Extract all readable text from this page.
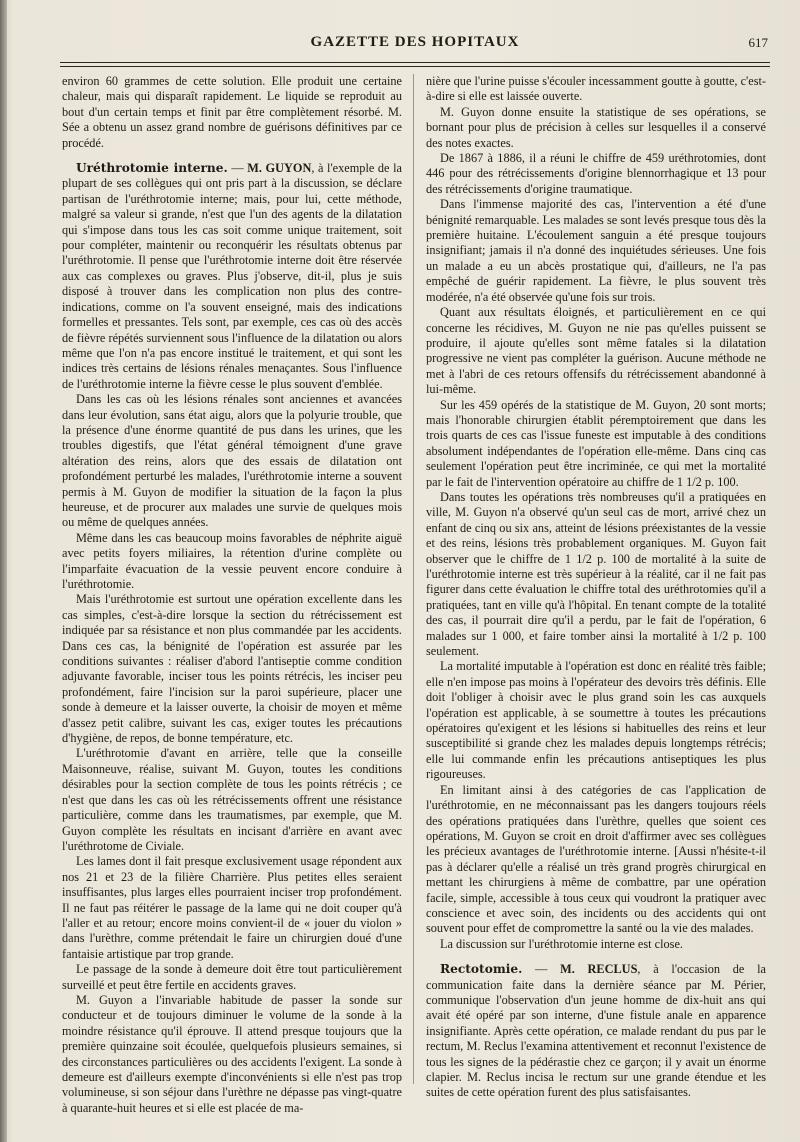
GAZETTE DES HOPITAUX	617

environ 60 grammes de cette solution. Elle produit une certaine chaleur, mais qui disparaît rapidement. Le liquide se reproduit au bout d'un certain temps et finit par être complètement résorbé. M. Sée a obtenu un assez grand nombre de guérisons définitives par ce procédé.

Uréthrotomie interne. — M. GUYON, à l'exemple de la plupart de ses collègues qui ont pris part à la discussion, se déclare partisan de l'uréthrotomie interne; mais, pour lui, cette méthode, malgré sa valeur si grande, n'est que l'un des agents de la dilatation qui s'impose dans tous les cas soit comme unique traitement, soit pour compléter, maintenir ou reconquérir les résultats obtenus par l'uréthrotomie. Il pense que l'uréthrotomie interne doit être réservée aux cas complexes ou graves. Plus j'observe, dit-il, plus je suis disposé à trouver dans les complication non plus des contre-indications, comme on l'a souvent enseigné, mais des indications formelles et pressantes. Tels sont, par exemple, ces cas où des accès de fièvre répétés surviennent sous l'influence de la dilatation ou alors même que l'on n'a pas encore institué le traitement, et qui sont les indices très certains de lésions rénales menaçantes. Sous l'influence de l'uréthrotomie interne la fièvre cesse le plus souvent d'emblée.

Dans les cas où les lésions rénales sont anciennes et avancées dans leur évolution, sans état aigu, alors que la polyurie trouble, que la présence d'une énorme quantité de pus dans les urines, que les troubles digestifs, que l'état général témoignent d'une grave altération des reins, alors que des essais de dilatation ont profondément perturbé les malades, l'uréthrotomie interne a souvent permis à M. Guyon de modifier la situation de la façon la plus heureuse, et de procurer aux malades une survie de quelques mois ou même de quelques années.

Même dans les cas beaucoup moins favorables de néphrite aiguë avec petits foyers miliaires, la rétention d'urine complète ou l'imparfaite évacuation de la vessie peuvent encore conduire à l'uréthrotomie.

Mais l'uréthrotomie est surtout une opération excellente dans les cas simples, c'est-à-dire lorsque la section du rétrécissement est indiquée par sa résistance et non plus commandée par les accidents. Dans ces cas, la bénignité de l'opération est assurée par les conditions suivantes : réaliser d'abord l'antiseptie comme condition adjuvante favorable, inciser tous les points rétrécis, les inciser peu profondément, faire l'incision sur la paroi supérieure, placer une sonde à demeure et la laisser ouverte, la choisir de moyen et même d'assez petit calibre, suivant les cas, exiger toutes les précautions d'hygiène, de repos, de bonne température, etc.

L'uréthrotomie d'avant en arrière, telle que la conseille Maisonneuve, réalise, suivant M. Guyon, toutes les conditions désirables pour la section complète de tous les points rétrécis ; ce n'est que dans les cas où les rétrécissements offrent une résistance particulière, comme dans les traumatismes, par exemple, que M. Guyon complète les résultats en incisant d'arrière en avant avec l'uréthrotome de Civiale.

Les lames dont il fait presque exclusivement usage répondent aux nos 21 et 23 de la filière Charrière. Plus petites elles seraient insuffisantes, plus larges elles pourraient inciser trop profondément. Il ne faut pas réitérer le passage de la lame qui ne doit couper qu'à l'aller et au retour; encore moins convient-il de « jouer du violon » dans l'urèthre, comme prétendait le faire un chirurgien doué d'une fantaisie artistique par trop grande.

Le passage de la sonde à demeure doit être tout particulièrement surveillé et peut être fertile en accidents graves.

M. Guyon a l'invariable habitude de passer la sonde sur conducteur et de toujours diminuer le volume de la sonde à la moindre résistance qu'il éprouve. Il attend presque toujours que la première quinzaine soit écoulée, quelquefois plusieurs semaines, si des circonstances particulières ou des accidents l'exigent. La sonde à demeure est d'ailleurs exempte d'inconvénients si elle n'est pas trop volumineuse, si son séjour dans l'urèthre ne dépasse pas vingt-quatre à quarante-huit heures et si elle est placée de ma-

nière que l'urine puisse s'écouler incessamment goutte à goutte, c'est-à-dire si elle est laissée ouverte.

M. Guyon donne ensuite la statistique de ses opérations, se bornant pour plus de précision à celles sur lesquelles il a conservé des notes exactes.

De 1867 à 1886, il a réuni le chiffre de 459 uréthrotomies, dont 446 pour des rétrécissements d'origine blennorrhagique et 13 pour des rétrécissements d'origine traumatique.

Dans l'immense majorité des cas, l'intervention a été d'une bénignité remarquable. Les malades se sont levés presque tous dès la première huitaine. L'écoulement sanguin a été presque toujours insignifiant; jamais il n'a donné des inquiétudes sérieuses. Une fois un malade a eu un abcès prostatique qui, d'ailleurs, ne l'a pas empêché de guérir rapidement. La fièvre, le plus souvent très modérée, n'a été observée qu'une fois sur trois.

Quant aux résultats éloignés, et particulièrement en ce qui concerne les récidives, M. Guyon ne nie pas qu'elles puissent se produire, il ajoute qu'elles sont même fatales si la dilatation progressive ne vient pas compléter la guérison. Aucune méthode ne met à l'abri de ces retours offensifs du rétrécissement abandonné à lui-même.

Sur les 459 opérés de la statistique de M. Guyon, 20 sont morts; mais l'honorable chirurgien établit péremptoirement que dans les trois quarts de ces cas l'issue funeste est imputable à des conditions absolument indépendantes de l'opération elle-même. Dans cinq cas seulement l'opération peut être incriminée, ce qui met la mortalité par le fait de l'intervention opératoire au chiffre de 1 1/2 p. 100.

Dans toutes les opérations très nombreuses qu'il a pratiquées en ville, M. Guyon n'a observé qu'un seul cas de mort, arrivé chez un enfant de cinq ou six ans, atteint de lésions préexistantes de la vessie et des reins, lésions très probablement organiques. M. Guyon fait observer que le chiffre de 1 1/2 p. 100 de mortalité à la suite de l'uréthrotomie interne est très supérieur à la réalité, car il ne fait pas figurer dans cette évaluation le chiffre total des uréthrotomies qu'il a pratiquées, tant en ville qu'à l'hôpital. En tenant compte de la totalité des cas, il pourrait dire qu'il a perdu, par le fait de l'opération, 6 malades sur 1 000, et faire tomber ainsi la mortalité à 1/2 p. 100 seulement.

La mortalité imputable à l'opération est donc en réalité très faible; elle n'en impose pas moins à l'opérateur des devoirs très définis. Elle doit l'obliger à choisir avec le plus grand soin les cas auxquels l'opération est applicable, à se soumettre à toutes les précautions opératoires qu'exigent et les lésions si habituelles des reins et leur susceptibilité si grande chez les malades depuis longtemps rétrécis; elle lui commande enfin les précautions antiseptiques les plus rigoureuses.

En limitant ainsi à des catégories de cas l'application de l'uréthrotomie, en ne méconnaissant pas les dangers toujours réels des opérations pratiquées dans l'urèthre, quelles que soient ces opérations, M. Guyon se croit en droit d'affirmer avec ses collègues les précieux avantages de l'uréthrotomie interne. [Aussi n'hésite-t-il pas à déclarer qu'elle a réalisé un très grand progrès chirurgical en mettant les chirurgiens à même de combattre, par une opération facile, simple, accessible à tous ceux qui voudront la pratiquer avec conscience et avec soin, des incidents ou des accidents qui ont souvent pour effet de compromettre la santé ou la vie des malades.

La discussion sur l'uréthrotomie interne est close.

Rectotomie. — M. RECLUS, à l'occasion de la communication faite dans la dernière séance par M. Périer, communique l'observation d'un jeune homme de dix-huit ans qui avait été opéré par son interne, d'une fistule anale en apparence insignifiante. Après cette opération, ce malade rendant du pus par le rectum, M. Reclus l'examina attentivement et reconnut l'existence de tous les signes de la pédérastie chez ce garçon; il y avait un énorme clapier. M. Reclus incisa le rectum sur une grande étendue et les suites de cette opération furent des plus satisfaisantes.
